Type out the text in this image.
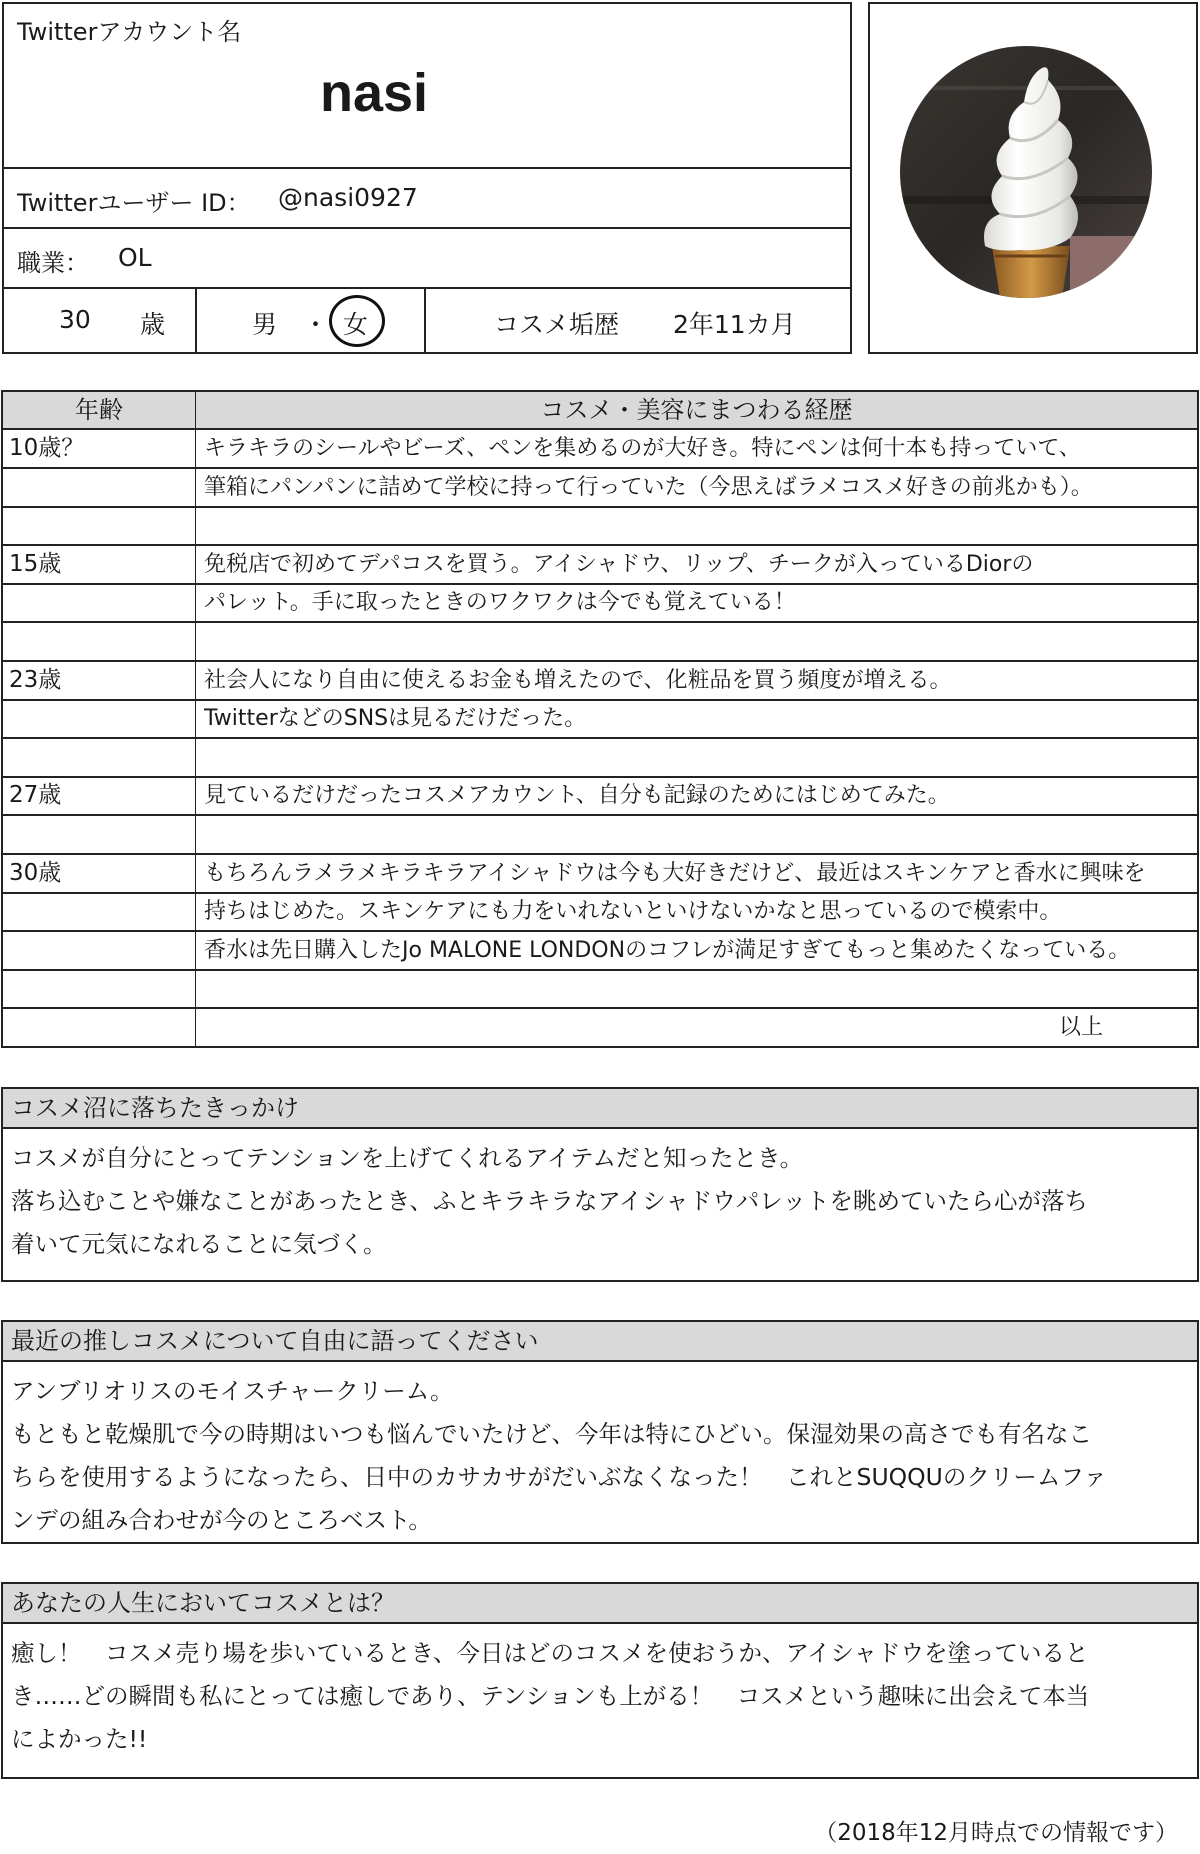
Twitterアカウント名
nasi
Twitterユーザー ID： @nasi0927
職業： OL
30 歳	男 ・ 女	コスメ垢歴 2年11カ月
年齢	コスメ・美容にまつわる経歴
10歳？	キラキラのシールやビーズ、ペンを集めるのが大好き。特にペンは何十本も持っていて、
筆箱にパンパンに詰めて学校に持って行っていた（今思えばラメコスメ好きの前兆かも）。
15歳	免税店で初めてデパコスを買う。アイシャドウ、リップ、チークが入っているDiorの
パレット。手に取ったときのワクワクは今でも覚えている！
23歳	社会人になり自由に使えるお金も増えたので、化粧品を買う頻度が増える。
TwitterなどのSNSは見るだけだった。
27歳	見ているだけだったコスメアカウント、自分も記録のためにはじめてみた。
30歳	もちろんラメラメキラキラアイシャドウは今も大好きだけど、最近はスキンケアと香水に興味を
持ちはじめた。スキンケアにも力をいれないといけないかなと思っているので模索中。
香水は先日購入したJo MALONE LONDONのコフレが満足すぎてもっと集めたくなっている。
以上
コスメ沼に落ちたきっかけ

コスメが自分にとってテンションを上げてくれるアイテムだと知ったとき。

落ち込むことや嫌なことがあったとき、ふとキラキラなアイシャドウパレットを眺めていたら心が落ち

着いて元気になれることに気づく。

最近の推しコスメについて自由に語ってください

アンブリオリスのモイスチャークリーム。

もともと乾燥肌で今の時期はいつも悩んでいたけど、今年は特にひどい。保湿効果の高さでも有名なこ

ちらを使用するようになったら、日中のカサカサがだいぶなくなった！　これとSUQQUのクリームファ

ンデの組み合わせが今のところベスト。

あなたの人生においてコスメとは？

癒し！　コスメ売り場を歩いているとき、今日はどのコスメを使おうか、アイシャドウを塗っていると

き……どの瞬間も私にとっては癒しであり、テンションも上がる！　コスメという趣味に出会えて本当

によかった!!

（2018年12月時点での情報です）
